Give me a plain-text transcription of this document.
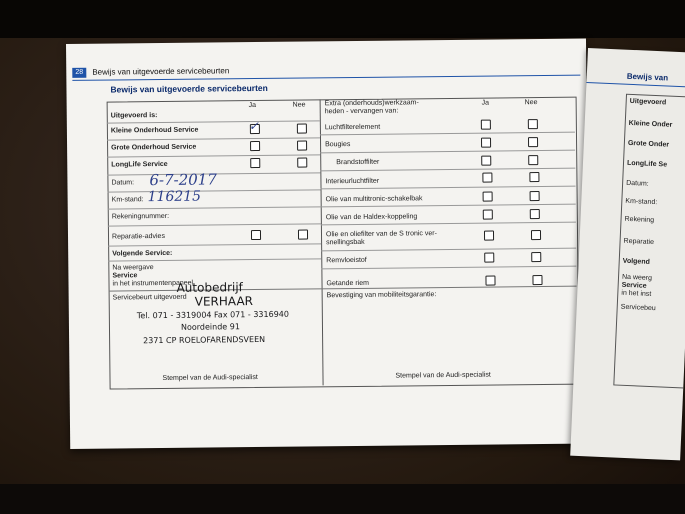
28	Bewijs van uitgevoerde servicebeurten
Bewijs van uitgevoerde servicebeurten
Ja	Nee
Uitgevoerd is:
Kleine Onderhoud Service	✓
Grote Onderhoud Service
LongLife Service
Datum: 6-7-2017
Km-stand: 116215
Rekeningnummer:
Reparatie-advies
Volgende Service:
Na weergave
Service
in het instrumentenpaneel
Servicebeurt uitgevoerd
Autobedrijf
VERHAAR
Tel. 071 - 3319004 Fax 071 - 3316940
Noordeinde 91
2371 CP ROELOFARENDSVEEN
Stempel van de Audi-specialist
Extra (onderhouds)werkzaam-
heden - vervangen van:
Ja	Nee
Luchtfilterelement
Bougies
Brandstoffilter
Interieurluchtfilter
Olie van multitronic-schakelbak
Olie van de Haldex-koppeling
Olie en oliefilter van de S tronic ver-
snellingsbak
Remvloeistof
Getande riem
Bevestiging van mobiliteitsgarantie:
Stempel van de Audi-specialist
Bewijs van
Uitgevoerd
Kleine Onder
Grote Onder
LongLife Se
Datum:
Km-stand:
Rekening
Reparatie
Volgend
Na weerg
Service
in het inst
Servicebeu
